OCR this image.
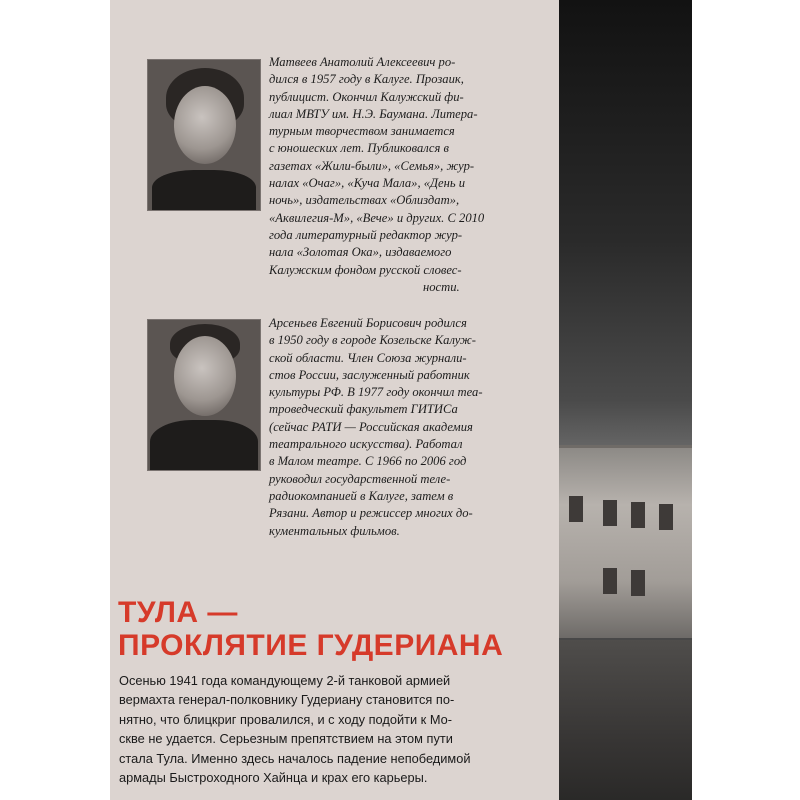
Матвеев Анатолий Алексеевич ро-
дился в 1957 году в Калуге. Прозаик,
публицист. Окончил Калужский фи-
лиал МВТУ им. Н.Э. Баумана. Литера-
турным творчеством занимается
с юношеских лет. Публиковался в
газетах «Жили-были», «Семья», жур-
налах «Очаг», «Куча Мала», «День и
ночь», издательствах «Облиздат»,
«Аквилегия-М», «Вече» и других. С 2010
года литературный редактор жур-
нала «Золотая Ока», издаваемого
Калужским фондом русской словес-
ности.
Арсеньев Евгений Борисович родился
в 1950 году в городе Козельске Калуж-
ской области. Член Союза журнали-
стов России, заслуженный работник
культуры РФ. В 1977 году окончил теа-
троведческий факультет ГИТИСа
(сейчас РАТИ — Российская академия
театрального искусства). Работал
в Малом театре. С 1966 по 2006 год
руководил государственной теле-
радиокомпанией в Калуге, затем в
Рязани. Автор и режиссер многих до-
кументальных фильмов.
ТУЛА —
ПРОКЛЯТИЕ ГУДЕРИАНА
Осенью 1941 года командующему 2-й танковой армией
вермахта генерал-полковнику Гудериану становится по-
нятно, что блицкриг провалился, и с ходу подойти к Мо-
скве не удается. Серьезным препятствием на этом пути
стала Тула. Именно здесь началось падение непобедимой
армады Быстроходного Хайнца и крах его карьеры.
